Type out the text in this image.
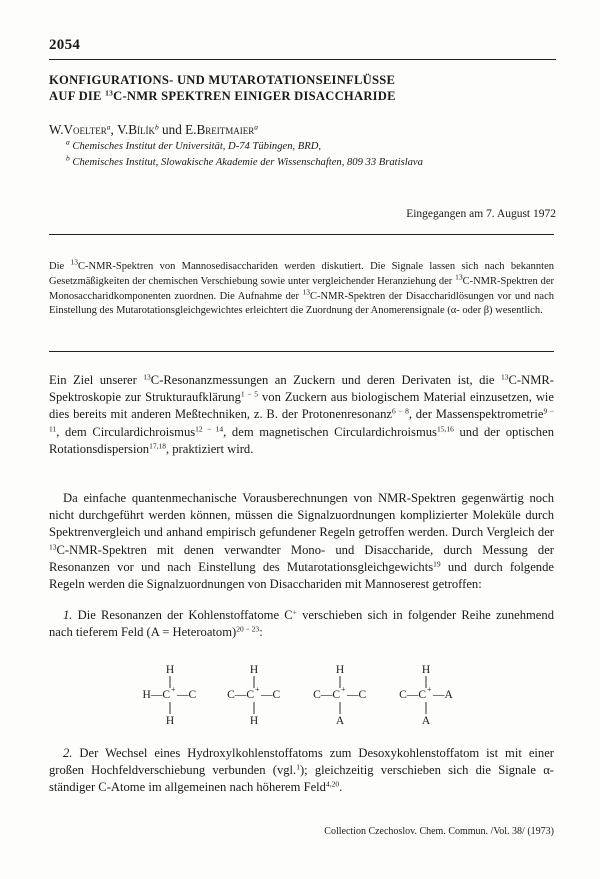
2054
KONFIGURATIONS- UND MUTAROTATIONSEINFLÜSSE
AUF DIE $^{13}$C-NMR SPEKTREN EINIGER DISACCHARIDE
W.Voelter$^a$, V.Bílík$^b$ und E.Breitmaier$^a$
$^a$ Chemisches Institut der Universität, D-74 Tübingen, BRD,
$^b$ Chemisches Institut, Slowakische Akademie der Wissenschaften, 809 33 Bratislava
Eingegangen am 7. August 1972
Die $^{13}$C-NMR-Spektren von Mannosedisacchariden werden diskutiert. Die Signale lassen sich nach bekannten Gesetzmäßigkeiten der chemischen Verschiebung sowie unter vergleichender Heranziehung der $^{13}$C-NMR-Spektren der Monosaccharidkomponenten zuordnen. Die Aufnahme der $^{13}$C-NMR-Spektren der Disaccharidlösungen vor und nach Einstellung des Mutarotationsgleichgewichtes erleichtert die Zuordnung der Anomerensignale (α- oder β) wesentlich.
Ein Ziel unserer $^{13}$C-Resonanzmessungen an Zuckern und deren Derivaten ist, die $^{13}$C-NMR-Spektroskopie zur Strukturaufklärung$^{1 - 5}$ von Zuckern aus biologischem Material einzusetzen, wie dies bereits mit anderen Meßtechniken, z. B. der Protonenresonanz$^{6 - 8}$, der Massenspektrometrie$^{9 - 11}$, dem Circulardichroismus$^{12 - 14}$, dem magnetischen Circulardichroismus$^{15,16}$ und der optischen Rotationsdispersion$^{17,18}$, praktiziert wird.
Da einfache quantenmechanische Vorausberechnungen von NMR-Spektren gegenwärtig noch nicht durchgeführt werden können, müssen die Signalzuordnungen komplizierter Moleküle durch Spektrenvergleich und anhand empirisch gefundener Regeln getroffen werden. Durch Vergleich der $^{13}$C-NMR-Spektren mit denen verwandter Mono- und Disaccharide, durch Messung der Resonanzen vor und nach Einstellung des Mutarotationsgleichgewichts$^{19}$ und durch folgende Regeln werden die Signalzuordnungen von Disacchariden mit Mannoserest getroffen:
1. Die Resonanzen der Kohlenstoffatome C+ verschieben sich in folgender Reihe zunehmend nach tieferem Feld (A = Heteroatom)$^{20 - 23}$:
H
H—C + —C
H
H
C—C + —C
H
H
C—C + —C
A
H
C—C + —A
A
2. Der Wechsel eines Hydroxylkohlenstoffatoms zum Desoxykohlenstoffatom ist mit einer großen Hochfeldverschiebung verbunden (vgl.$^1$); gleichzeitig verschieben sich die Signale α-ständiger C-Atome im allgemeinen nach höherem Feld$^{4,20}$.
Collection Czechoslov. Chem. Commun. /Vol. 38/ (1973)
